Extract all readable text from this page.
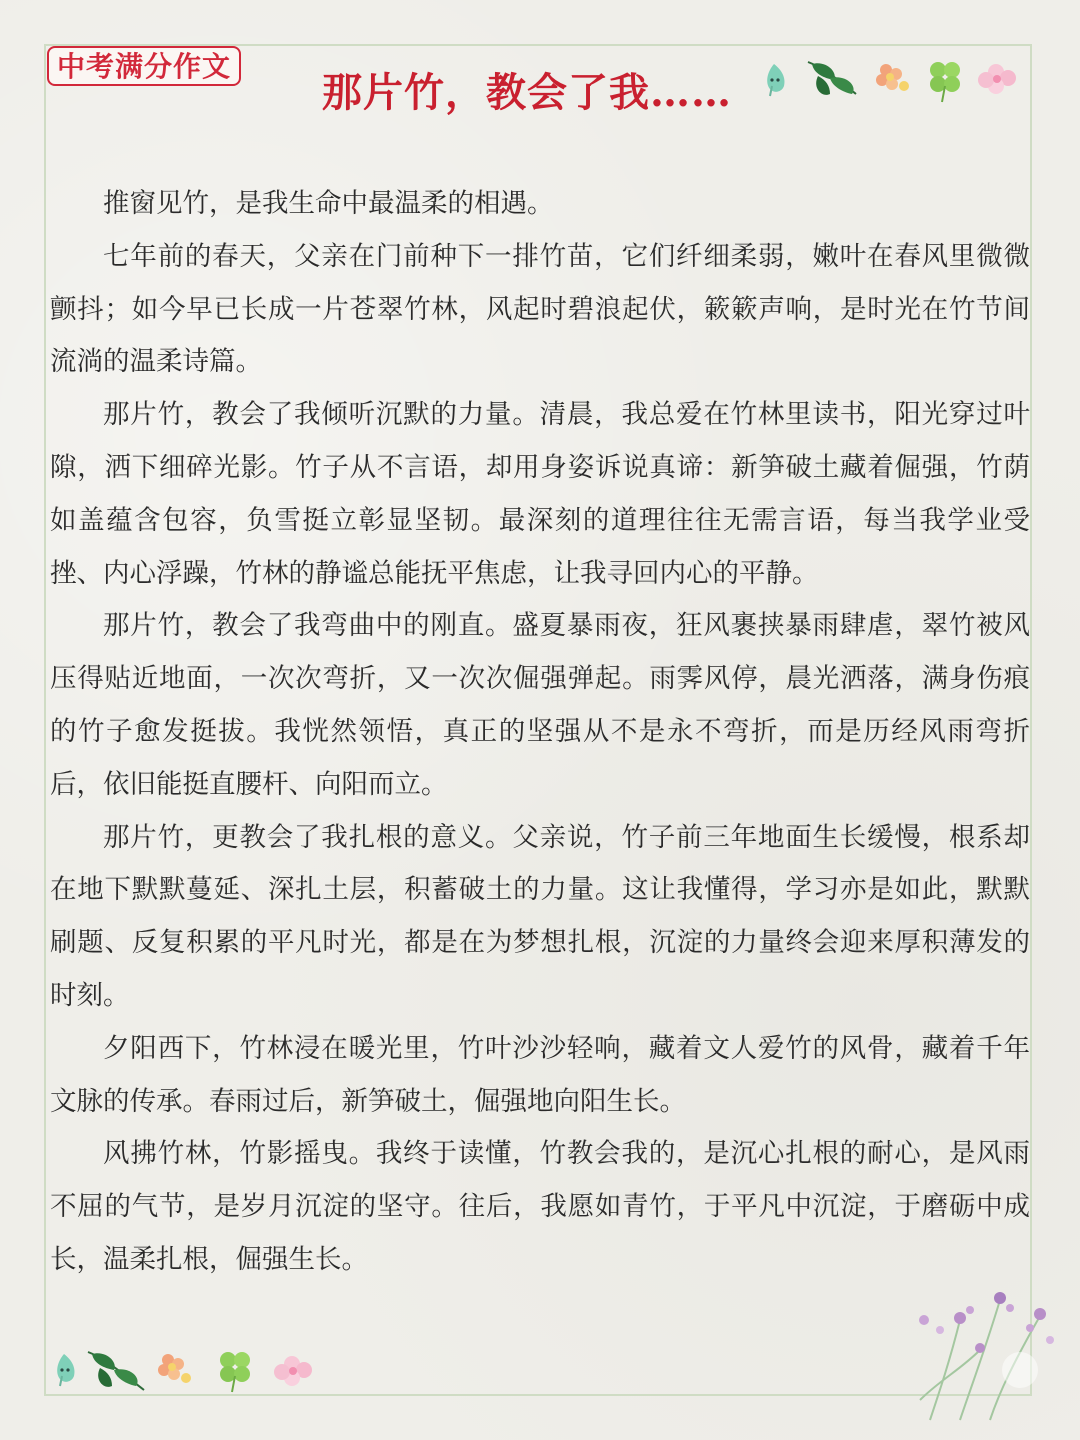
中考满分作文
那片竹，教会了我……

推窗见竹，是我生命中最温柔的相遇。

七年前的春天，父亲在门前种下一排竹苗，它们纤细柔弱，嫩叶在春风里微微颤抖；如今早已长成一片苍翠竹林，风起时碧浪起伏，簌簌声响，是时光在竹节间流淌的温柔诗篇。

那片竹，教会了我倾听沉默的力量。清晨，我总爱在竹林里读书，阳光穿过叶隙，洒下细碎光影。竹子从不言语，却用身姿诉说真谛：新笋破土藏着倔强，竹荫如盖蕴含包容，负雪挺立彰显坚韧。最深刻的道理往往无需言语，每当我学业受挫、内心浮躁，竹林的静谧总能抚平焦虑，让我寻回内心的平静。

那片竹，教会了我弯曲中的刚直。盛夏暴雨夜，狂风裹挟暴雨肆虐，翠竹被风压得贴近地面，一次次弯折，又一次次倔强弹起。雨霁风停，晨光洒落，满身伤痕的竹子愈发挺拔。我恍然领悟，真正的坚强从不是永不弯折，而是历经风雨弯折后，依旧能挺直腰杆、向阳而立。

那片竹，更教会了我扎根的意义。父亲说，竹子前三年地面生长缓慢，根系却在地下默默蔓延、深扎土层，积蓄破土的力量。这让我懂得，学习亦是如此，默默刷题、反复积累的平凡时光，都是在为梦想扎根，沉淀的力量终会迎来厚积薄发的时刻。

夕阳西下，竹林浸在暖光里，竹叶沙沙轻响，藏着文人爱竹的风骨，藏着千年文脉的传承。春雨过后，新笋破土，倔强地向阳生长。

风拂竹林，竹影摇曳。我终于读懂，竹教会我的，是沉心扎根的耐心，是风雨不屈的气节，是岁月沉淀的坚守。往后，我愿如青竹，于平凡中沉淀，于磨砺中成长，温柔扎根，倔强生长。
